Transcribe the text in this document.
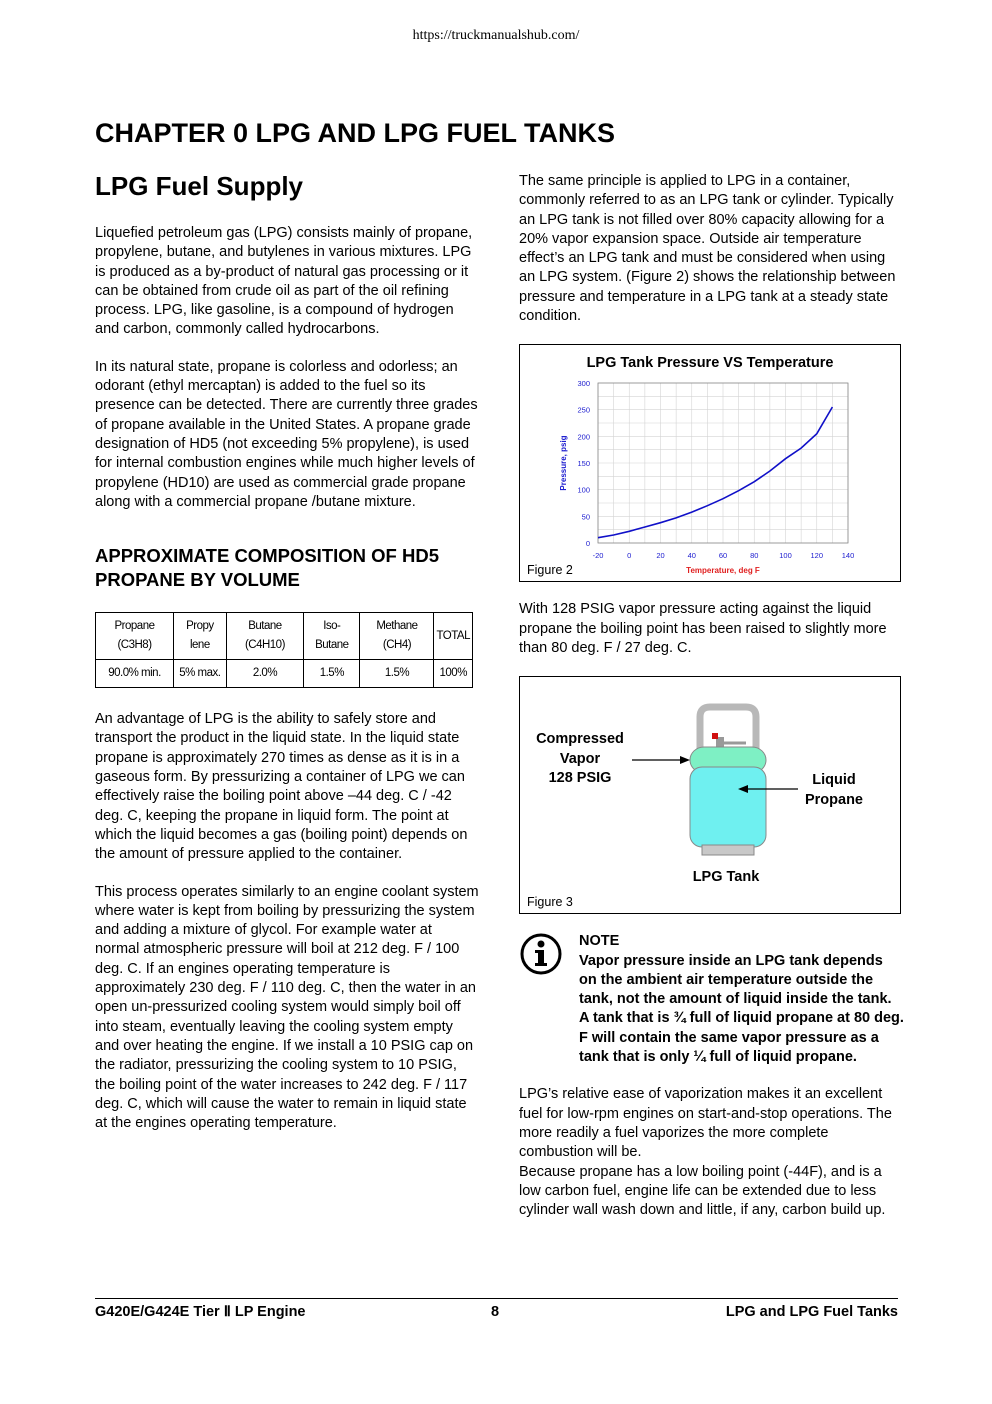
https://truckmanualshub.com/
CHAPTER 0 LPG AND LPG FUEL TANKS
LPG Fuel Supply

Liquefied petroleum gas (LPG) consists mainly of propane, propylene, butane, and butylenes in various mixtures. LPG is produced as a by-product of natural gas processing or it can be obtained from crude oil as part of the oil refining process. LPG, like gasoline, is a compound of hydrogen and carbon, commonly called hydrocarbons.

In its natural state, propane is colorless and odorless; an odorant (ethyl mercaptan) is added to the fuel so its presence can be detected. There are currently three grades of propane available in the United States. A propane grade designation of HD5 (not exceeding 5% propylene), is used for internal combustion engines while much higher levels of propylene (HD10) are used as commercial grade propane along with a commercial propane /butane mixture.

APPROXIMATE COMPOSITION OF HD5 PROPANE BY VOLUME
Propane (C3H8)	Propy lene	Butane (C4H10)	Iso- Butane	Methane (CH4)	TOTAL
90.0% min.	5% max.	2.0%	1.5%	1.5%	100%

An advantage of LPG is the ability to safely store and transport the product in the liquid state. In the liquid state propane is approximately 270 times as dense as it is in a gaseous form. By pressurizing a container of LPG we can effectively raise the boiling point above –44 deg. C / -42 deg. C, keeping the propane in liquid form. The point at which the liquid becomes a gas (boiling point) depends on the amount of pressure applied to the container.

This process operates similarly to an engine coolant system where water is kept from boiling by pressurizing the system and adding a mixture of glycol. For example water at normal atmospheric pressure will boil at 212 deg. F / 100 deg. C. If an engines operating temperature is approximately 230 deg. F / 110 deg. C, then the water in an open un-pressurized cooling system would simply boil off into steam, eventually leaving the cooling system empty and over heating the engine. If we install a 10 PSIG cap on the radiator, pressurizing the cooling system to 10 PSIG, the boiling point of the water increases to 242 deg. F / 117 deg. C, which will cause the water to remain in liquid state at the engines operating temperature.

The same principle is applied to LPG in a container, commonly referred to as an LPG tank or cylinder. Typically an LPG tank is not filled over 80% capacity allowing for a 20% vapor expansion space. Outside air temperature effect’s an LPG tank and must be considered when using an LPG system. (Figure 2) shows the relationship between pressure and temperature in a LPG tank at a steady state condition.

LPG Tank Pressure VS Temperature
-20	0	20	40	60	80	100 120 140
0
50
100
150
200
250
300
Pressure, psig
Temperature, deg F
Figure 2

With 128 PSIG vapor pressure acting against the liquid propane the boiling point has been raised to slightly more than 80 deg. F / 27 deg. C.

Compressed
Vapor
128 PSIG	Liquid
Propane
LPG Tank
Figure 3
NOTE
Vapor pressure inside an LPG tank depends on the ambient air temperature outside the tank, not the amount of liquid inside the tank. A tank that is ¾ full of liquid propane at 80 deg. F will contain the same vapor pressure as a tank that is only ¼ full of liquid propane.

LPG’s relative ease of vaporization makes it an excellent fuel for low-rpm engines on start-and-stop operations. The more readily a fuel vaporizes the more complete combustion will be.

Because propane has a low boiling point (-44F), and is a low carbon fuel, engine life can be extended due to less cylinder wall wash down and little, if any, carbon build up.

G420E/G424E Tier Ⅱ LP Engine	8	LPG and LPG Fuel Tanks
